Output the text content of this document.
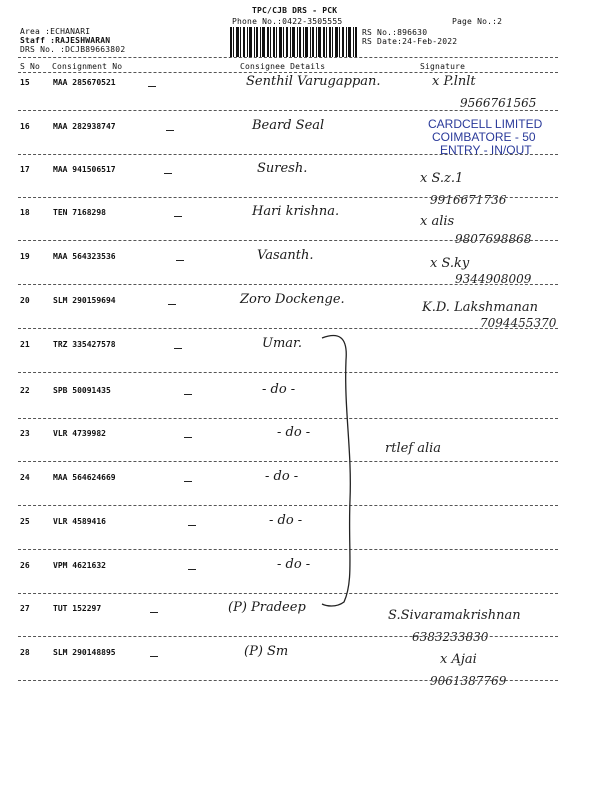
TPC/CJB DRS - PCK
Phone No.:0422-3505555	Page No.:2
Area :ECHANARI
Staff :RAJESHWARAN
DRS No. :DCJB89663802
RS No.:896630
RS Date:24-Feb-2022
S No Consignment No	Consignee Details	Signature
15	MAA 285670521	Senthil Varugappan.	x P.lnlt
9566761565
16	MAA 282938747	Beard Seal
17	MAA 941506517	Suresh.
x S.z.1
9916671736
18	TEN 7168298	Hari krishna.
x alis
9807698868
19	MAA 564323536	Vasanth.
x S.ky
9344908009
20	SLM 290159694	Zoro Dockenge.
K.D. Lakshmanan
7094455370
21	TRZ 335427578	Umar.
22	SPB 50091435	- do -
23	VLR 4739982	- do -
rtlef alia
24	MAA 564624669	- do -
25	VLR 4589416	- do -
26	VPM 4621632	- do -
27	TUT 152297	(P) Pradeep
S.Sivaramakrishnan
6383233830
28	SLM 290148895	(P) Sm
x Ajai
9061387769
CARDCELL LIMITED
COIMBATORE - 50
ENTRY - IN/OUT
